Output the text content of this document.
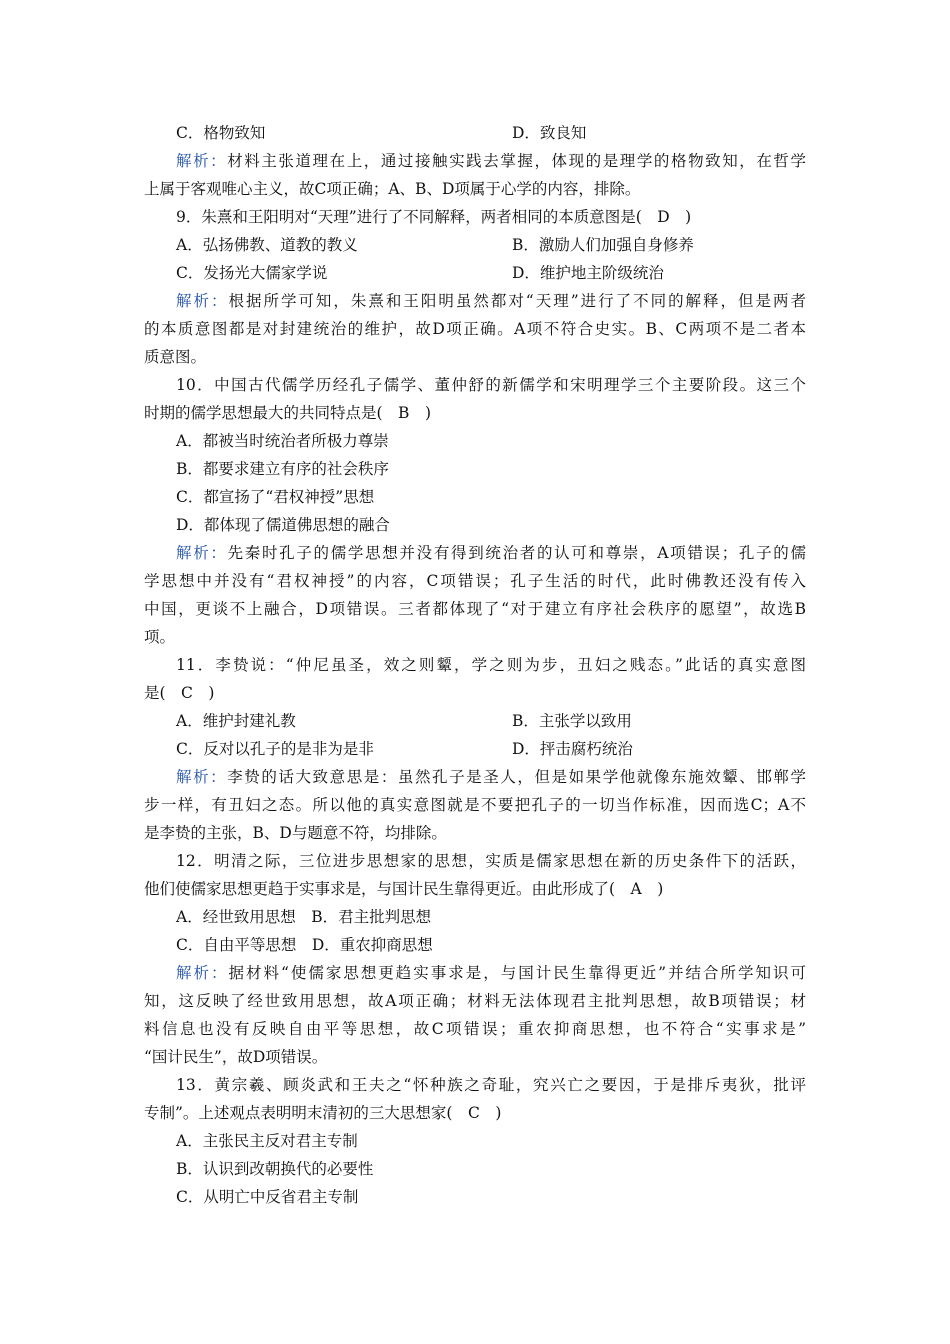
C．格物致知	D．致良知
解析：材料主张道理在上，通过接触实践去掌握，体现的是理学的格物致知，在哲学
上属于客观唯心主义，故C项正确；A、B、D项属于心学的内容，排除。
9．朱熹和王阳明对“天理”进行了不同解释，两者相同的本质意图是(　D　)
A．弘扬佛教、道教的教义	B．激励人们加强自身修养
C．发扬光大儒家学说	D．维护地主阶级统治
解析：根据所学可知，朱熹和王阳明虽然都对“天理”进行了不同的解释，但是两者
的本质意图都是对封建统治的维护，故D项正确。A项不符合史实。B、C两项不是二者本
质意图。
10．中国古代儒学历经孔子儒学、董仲舒的新儒学和宋明理学三个主要阶段。这三个
时期的儒学思想最大的共同特点是(　B　)
A．都被当时统治者所极力尊崇
B．都要求建立有序的社会秩序
C．都宣扬了“君权神授”思想
D．都体现了儒道佛思想的融合
解析：先秦时孔子的儒学思想并没有得到统治者的认可和尊崇，A项错误；孔子的儒
学思想中并没有“君权神授”的内容，C项错误；孔子生活的时代，此时佛教还没有传入
中国，更谈不上融合，D项错误。三者都体现了“对于建立有序社会秩序的愿望”，故选B
项。
11．李贽说：“仲尼虽圣，效之则颦，学之则为步，丑妇之贱态。”此话的真实意图
是(　C　)
A．维护封建礼教	B．主张学以致用
C．反对以孔子的是非为是非	D．抨击腐朽统治
解析：李贽的话大致意思是：虽然孔子是圣人，但是如果学他就像东施效颦、邯郸学
步一样，有丑妇之态。所以他的真实意图就是不要把孔子的一切当作标准，因而选C；A不
是李贽的主张，B、D与题意不符，均排除。
12．明清之际，三位进步思想家的思想，实质是儒家思想在新的历史条件下的活跃，
他们使儒家思想更趋于实事求是，与国计民生靠得更近。由此形成了(　A　)
A．经世致用思想　B．君主批判思想
C．自由平等思想　D．重农抑商思想
解析：据材料“使儒家思想更趋实事求是，与国计民生靠得更近”并结合所学知识可
知，这反映了经世致用思想，故A项正确；材料无法体现君主批判思想，故B项错误；材
料信息也没有反映自由平等思想，故C项错误；重农抑商思想，也不符合“实事求是”
“国计民生”，故D项错误。
13．黄宗羲、顾炎武和王夫之“怀种族之奇耻，究兴亡之要因，于是排斥夷狄，批评
专制”。上述观点表明明末清初的三大思想家(　C　)
A．主张民主反对君主专制
B．认识到改朝换代的必要性
C．从明亡中反省君主专制
